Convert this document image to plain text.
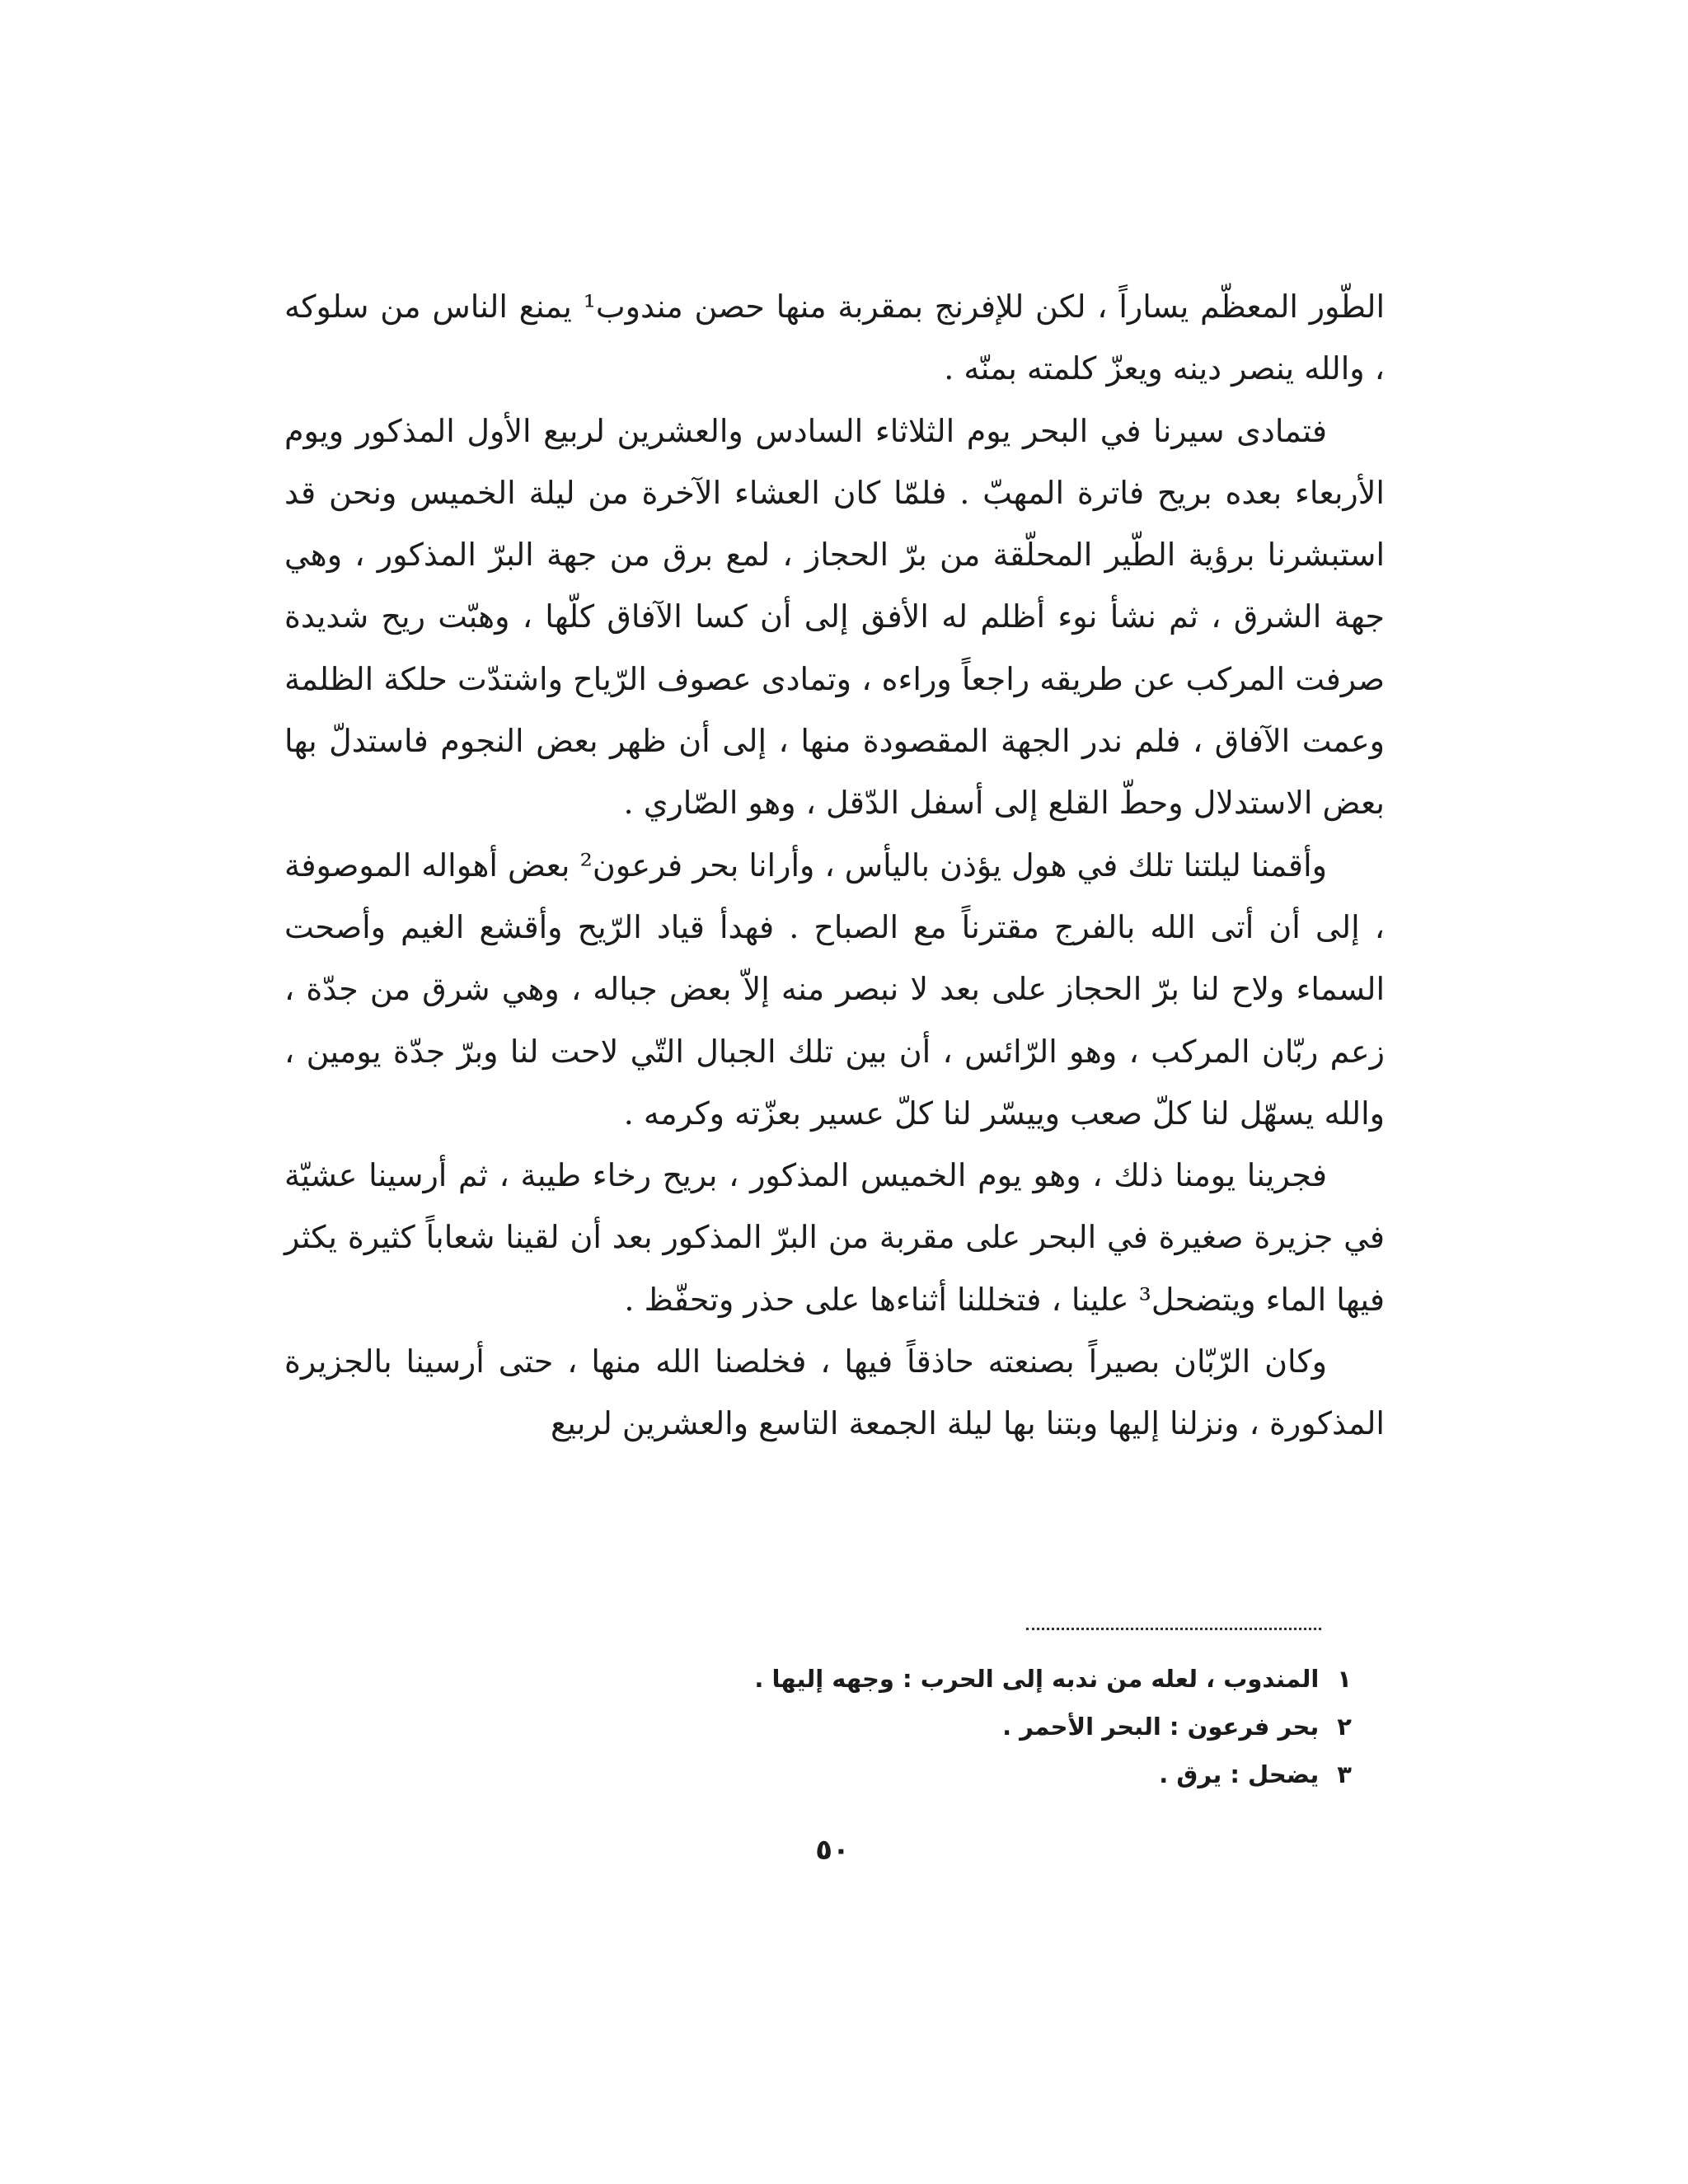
الطّور المعظّم يساراً ، لكن للإفرنج بمقربة منها حصن مندوب¹ يمنع الناس من سلوكه ، والله ينصر دينه ويعزّ كلمته بمنّه .

فتمادى سيرنا في البحر يوم الثلاثاء السادس والعشرين لربيع الأول المذكور ويوم الأربعاء بعده بريح فاترة المهبّ . فلمّا كان العشاء الآخرة من ليلة الخميس ونحن قد استبشرنا برؤية الطّير المحلّقة من برّ الحجاز ، لمع برق من جهة البرّ المذكور ، وهي جهة الشرق ، ثم نشأ نوء أظلم له الأفق إلى أن كسا الآفاق كلّها ، وهبّت ريح شديدة صرفت المركب عن طريقه راجعاً وراءه ، وتمادى عصوف الرّياح واشتدّت حلكة الظلمة وعمت الآفاق ، فلم ندر الجهة المقصودة منها ، إلى أن ظهر بعض النجوم فاستدلّ بها بعض الاستدلال وحطّ القلع إلى أسفل الدّقل ، وهو الصّاري .

وأقمنا ليلتنا تلك في هول يؤذن باليأس ، وأرانا بحر فرعون² بعض أهواله الموصوفة ، إلى أن أتى الله بالفرج مقترناً مع الصباح . فهدأ قياد الرّيح وأقشع الغيم وأصحت السماء ولاح لنا برّ الحجاز على بعد لا نبصر منه إلاّ بعض جباله ، وهي شرق من جدّة ، زعم ربّان المركب ، وهو الرّائس ، أن بين تلك الجبال التّي لاحت لنا وبرّ جدّة يومين ، والله يسهّل لنا كلّ صعب وييسّر لنا كلّ عسير بعزّته وكرمه .

فجرينا يومنا ذلك ، وهو يوم الخميس المذكور ، بريح رخاء طيبة ، ثم أرسينا عشيّة في جزيرة صغيرة في البحر على مقربة من البرّ المذكور بعد أن لقينا شعاباً كثيرة يكثر فيها الماء ويتضحل³ علينا ، فتخللنا أثناءها على حذر وتحفّظ .

وكان الرّبّان بصيراً بصنعته حاذقاً فيها ، فخلصنا الله منها ، حتى أرسينا بالجزيرة المذكورة ، ونزلنا إليها وبتنا بها ليلة الجمعة التاسع والعشرين لربيع

١المندوب ، لعله من ندبه إلى الحرب : وجهه إليها .
٢بحر فرعون : البحر الأحمر .
٣يضحل : يرق .
٥٠
